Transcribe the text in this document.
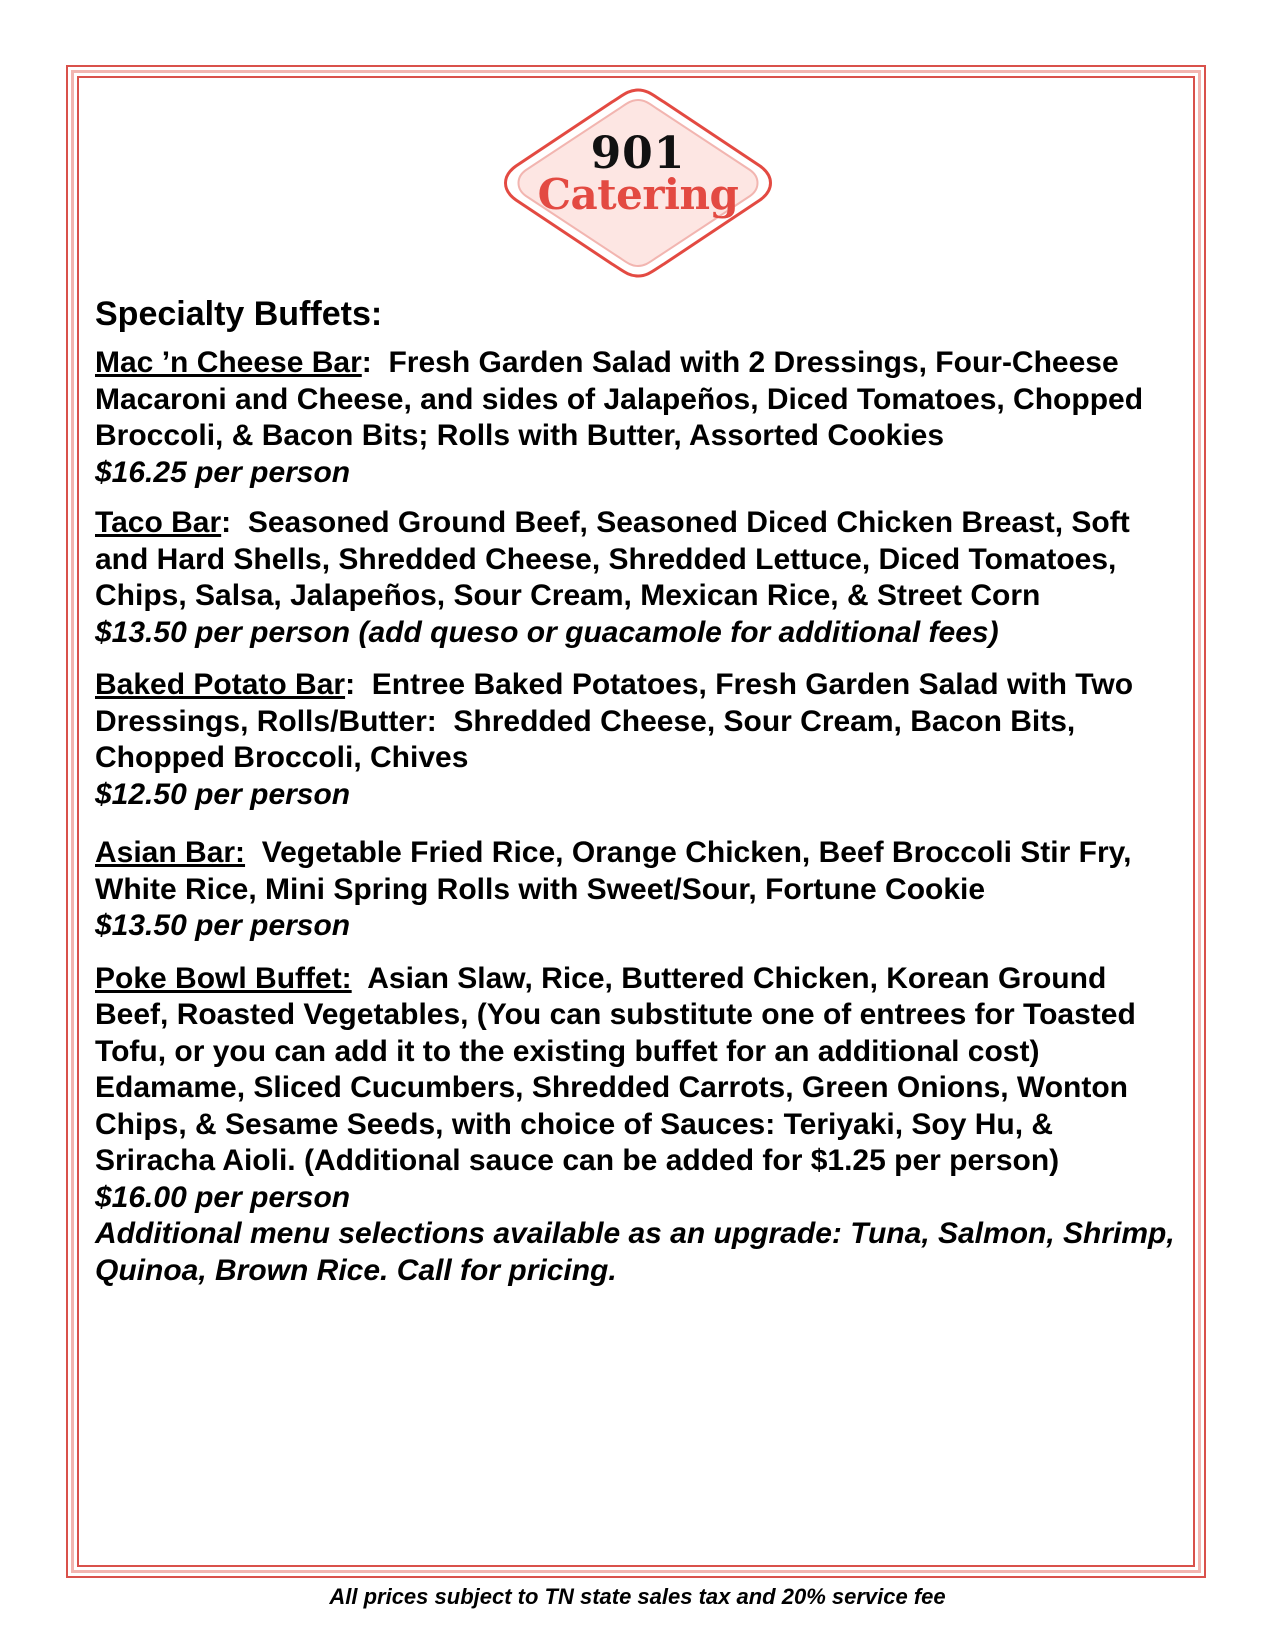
901
Catering
Specialty Buffets:
Mac ’n Cheese Bar:  Fresh Garden Salad with 2 Dressings, Four-Cheese Macaroni and Cheese, and sides of Jalapeños, Diced Tomatoes, Chopped Broccoli, & Bacon Bits; Rolls with Butter, Assorted Cookies
$16.25 per person
Taco Bar:  Seasoned Ground Beef, Seasoned Diced Chicken Breast, Soft and Hard Shells, Shredded Cheese, Shredded Lettuce, Diced Tomatoes, Chips, Salsa, Jalapeños, Sour Cream, Mexican Rice, & Street Corn
$13.50 per person (add queso or guacamole for additional fees)
Baked Potato Bar:  Entree Baked Potatoes, Fresh Garden Salad with Two Dressings, Rolls/Butter:  Shredded Cheese, Sour Cream, Bacon Bits, Chopped Broccoli, Chives
$12.50 per person
Asian Bar:  Vegetable Fried Rice, Orange Chicken, Beef Broccoli Stir Fry, White Rice, Mini Spring Rolls with Sweet/Sour, Fortune Cookie
$13.50 per person
Poke Bowl Buffet:  Asian Slaw, Rice, Buttered Chicken, Korean Ground Beef, Roasted Vegetables, (You can substitute one of entrees for Toasted Tofu, or you can add it to the existing buffet for an additional cost) Edamame, Sliced Cucumbers, Shredded Carrots, Green Onions, Wonton Chips, & Sesame Seeds, with choice of Sauces: Teriyaki, Soy Hu, & Sriracha Aioli. (Additional sauce can be added for $1.25 per person)
$16.00 per person
Additional menu selections available as an upgrade: Tuna, Salmon, Shrimp, Quinoa, Brown Rice. Call for pricing.
All prices subject to TN state sales tax and 20% service fee
